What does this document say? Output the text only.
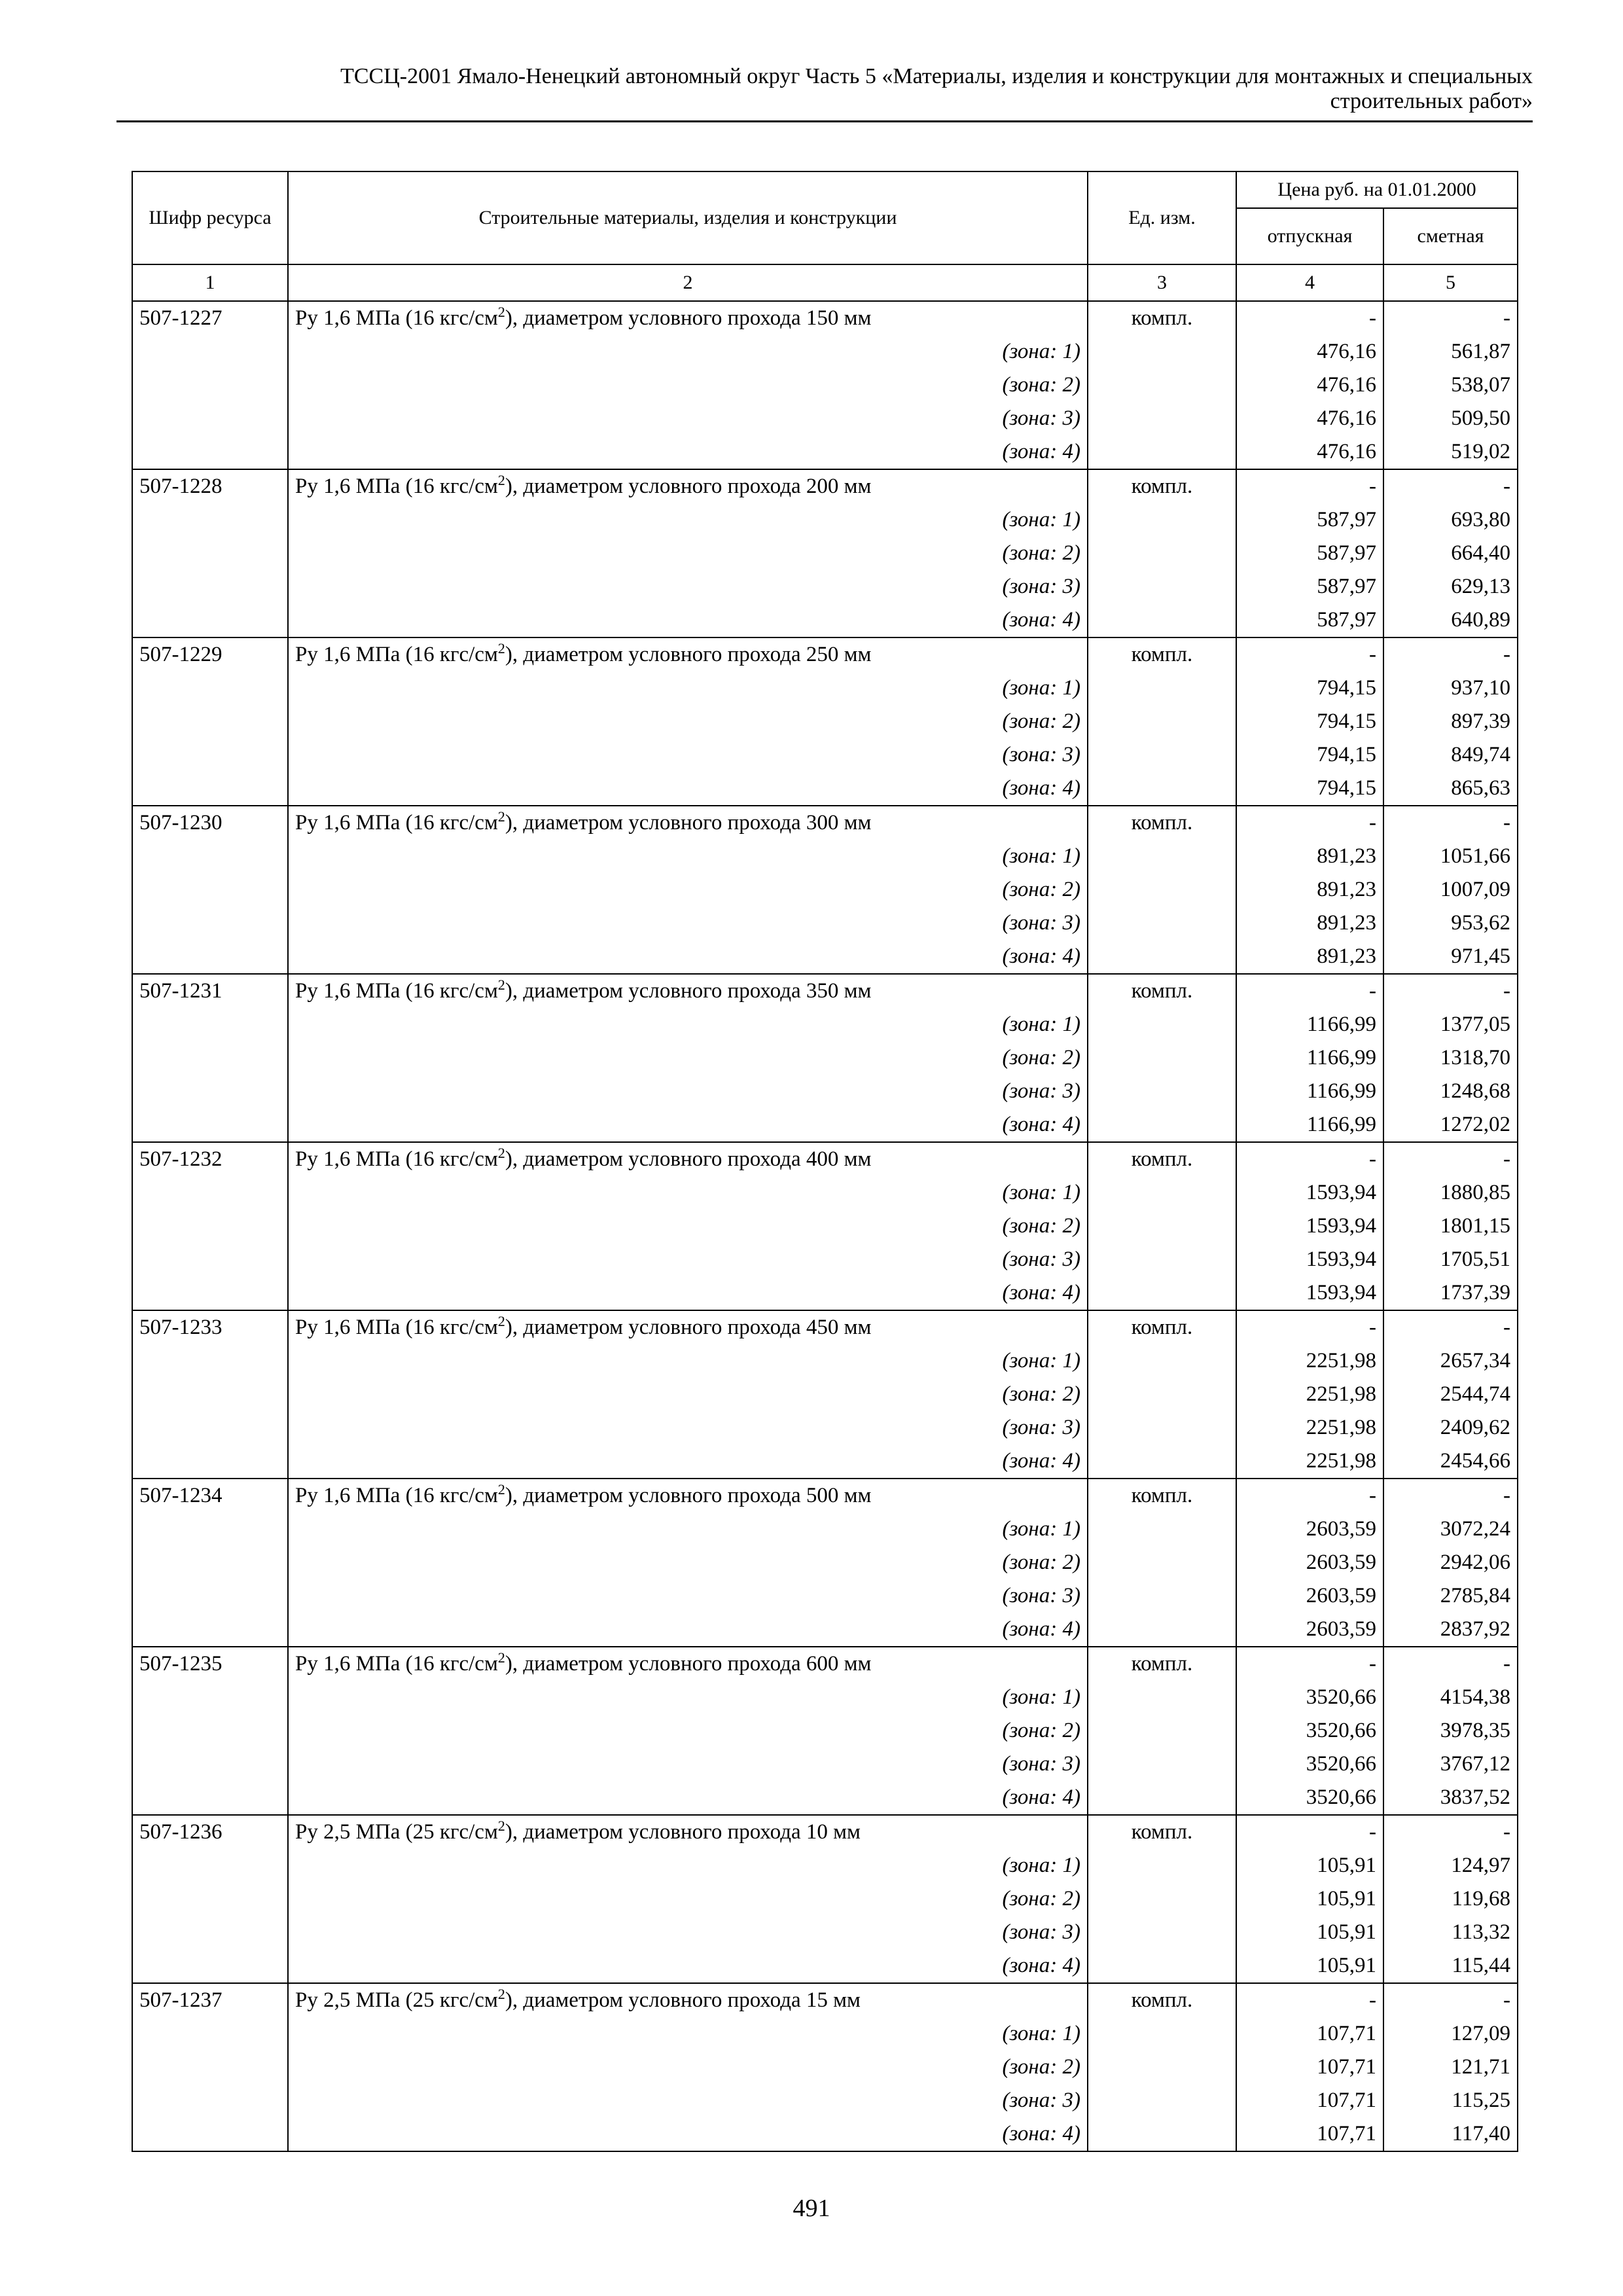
ТССЦ-2001 Ямало-Ненецкий автономный округ Часть 5 «Материалы, изделия и конструкции для монтажных и специальных
строительных работ»
Шифр ресурса	Строительные материалы, изделия и конструкции	Ед. изм.	Цена руб. на 01.01.2000	
			отпускная	сметная
1	2	3	4	5
507-1227	Ру 1,6 МПа (16 кгс/$см^2$), диаметром условного прохода 150 мм	компл.	-	-
	(зона: 1)		476,16	561,87
	(зона: 2)		476,16	538,07
	(зона: 3)		476,16	509,50
	(зона: 4)		476,16	519,02
507-1228	Ру 1,6 МПа (16 кгс/$см^2$), диаметром условного прохода 200 мм	компл.	-	-
	(зона: 1)		587,97	693,80
	(зона: 2)		587,97	664,40
	(зона: 3)		587,97	629,13
	(зона: 4)		587,97	640,89
507-1229	Ру 1,6 МПа (16 кгс/$см^2$), диаметром условного прохода 250 мм	компл.	-	-
	(зона: 1)		794,15	937,10
	(зона: 2)		794,15	897,39
	(зона: 3)		794,15	849,74
	(зона: 4)		794,15	865,63
507-1230	Ру 1,6 МПа (16 кгс/$см^2$), диаметром условного прохода 300 мм	компл.	-	-
	(зона: 1)		891,23	1051,66
	(зона: 2)		891,23	1007,09
	(зона: 3)		891,23	953,62
	(зона: 4)		891,23	971,45
507-1231	Ру 1,6 МПа (16 кгс/$см^2$), диаметром условного прохода 350 мм	компл.	-	-
	(зона: 1)		1166,99	1377,05
	(зона: 2)		1166,99	1318,70
	(зона: 3)		1166,99	1248,68
	(зона: 4)		1166,99	1272,02
507-1232	Ру 1,6 МПа (16 кгс/$см^2$), диаметром условного прохода 400 мм	компл.	-	-
	(зона: 1)		1593,94	1880,85
	(зона: 2)		1593,94	1801,15
	(зона: 3)		1593,94	1705,51
	(зона: 4)		1593,94	1737,39
507-1233	Ру 1,6 МПа (16 кгс/$см^2$), диаметром условного прохода 450 мм	компл.	-	-
	(зона: 1)		2251,98	2657,34
	(зона: 2)		2251,98	2544,74
	(зона: 3)		2251,98	2409,62
	(зона: 4)		2251,98	2454,66
507-1234	Ру 1,6 МПа (16 кгс/$см^2$), диаметром условного прохода 500 мм	компл.	-	-
	(зона: 1)		2603,59	3072,24
	(зона: 2)		2603,59	2942,06
	(зона: 3)		2603,59	2785,84
	(зона: 4)		2603,59	2837,92
507-1235	Ру 1,6 МПа (16 кгс/$см^2$), диаметром условного прохода 600 мм	компл.	-	-
	(зона: 1)		3520,66	4154,38
	(зона: 2)		3520,66	3978,35
	(зона: 3)		3520,66	3767,12
	(зона: 4)		3520,66	3837,52
507-1236	Ру 2,5 МПа (25 кгс/$см^2$), диаметром условного прохода 10 мм	компл.	-	-
	(зона: 1)		105,91	124,97
	(зона: 2)		105,91	119,68
	(зона: 3)		105,91	113,32
	(зона: 4)		105,91	115,44
507-1237	Ру 2,5 МПа (25 кгс/$см^2$), диаметром условного прохода 15 мм	компл.	-	-
	(зона: 1)		107,71	127,09
	(зона: 2)		107,71	121,71
	(зона: 3)		107,71	115,25
	(зона: 4)		107,71	117,40
491
